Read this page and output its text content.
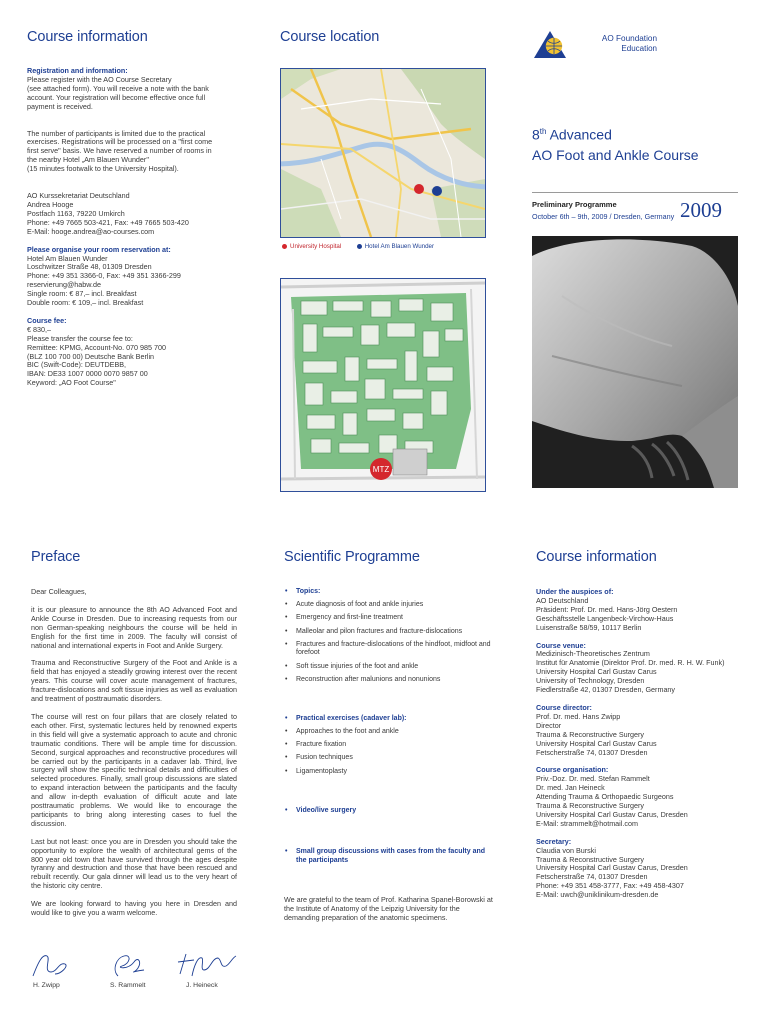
Course information
Registration and information:
Please register with the AO Course Secretary
(see attached form). You will receive a note with the bank
account. Your registration will become effective once full
payment is received.
The number of participants is limited due to the practical
exercises. Registrations will be processed on a "first come
first serve" basis. We have reserved a number of rooms in
the nearby Hotel „Am Blauen Wunder"
(15 minutes footwalk to the University Hospital).
AO Kurssekretariat Deutschland
Andrea Hooge
Postfach 1163, 79220 Umkirch
Phone: +49 7665 503-421, Fax: +49 7665 503-420
E-Mail: hooge.andrea@ao-courses.com
Please organise your room reservation at:
Hotel Am Blauen Wunder
Loschwitzer Straße 48, 01309 Dresden
Phone: +49 351 3366-0, Fax: +49 351 3366-299
reservierung@habw.de
Single room: € 87,– incl. Breakfast
Double room: € 109,– incl. Breakfast
Course fee:
€ 830,–
Please transfer the course fee to:
Remittee: KPMG, Account-No. 070 985 700
(BLZ 100 700 00) Deutsche Bank Berlin
BIC (Swift-Code): DEUTDEBB,
IBAN: DE33 1007 0000 0070 9857 00
Keyword: „AO Foot Course"
Course location
University Hospital	Hotel Am Blauen Wunder
MTZ
AO Foundation
Education
8th Advanced
AO Foot and Ankle Course
Preliminary Programme
October 6th – 9th, 2009 / Dresden, Germany 2009
Preface

Dear Colleagues,

it is our pleasure to announce the 8th AO Advanced Foot and Ankle Course in Dresden. Due to increasing requests from our non German-speaking neighbours the course will be held in English for the first time in 2009. The faculty will consist of national and international experts in Foot and Ankle Surgery.

Trauma and Reconstructive Surgery of the Foot and Ankle is a field that has enjoyed a steadily growing interest over the recent years. This course will cover acute management of fractures, fracture-dislocations and soft tissue injuries as well as evaluation and treatment of posttraumatic disorders.

The course will rest on four pillars that are closely related to each other. First, systematic lectures held by renowned experts in this field will give a systematic approach to acute and chronic traumatic conditions. There will be ample time for discussion. Second, surgical approaches and reconstructive procedures will be carried out by the participants in a cadaver lab. Third, live surgery will show the specific technical details and difficulties of selected procedures. Finally, small group discussions are slated to expand interaction between the participants and the faculty and allow in-depth evaluation of difficult acute and late posttraumatic problems. We would like to encourage the participants to bring along interesting cases to fuel the discussion.

Last but not least: once you are in Dresden you should take the opportunity to explore the wealth of architectural gems of the 800 year old town that have survived through the ages despite tyranny and destruction and those that have been rescued and rebuilt recently. Our gala dinner will lead us to the very heart of the historic city centre.

We are looking forward to having you here in Dresden and would like to give you a warm welcome.

H. Zwipp	S. Rammelt	J. Heineck
Scientific Programme
• Topics:
• Acute diagnosis of foot and ankle injuries
• Emergency and first-line treatment
• Malleolar and pilon fractures and fracture-dislocations
• Fractures and fracture-dislocations of the hindfoot, midfoot and forefoot
• Soft tissue injuries of the foot and ankle
• Reconstruction after malunions and nonunions
• Practical exercises (cadaver lab):
• Approaches to the foot and ankle
• Fracture fixation
• Fusion techniques
• Ligamentoplasty
• Video/live surgery
• Small group discussions with cases from the faculty and the participants
We are grateful to the team of Prof. Katharina Spanel-Borowski at the Institute of Anatomy of the Leipzig University for the demanding preparation of the anatomic specimens.
Course information
Under the auspices of:
AO Deutschland
Präsident: Prof. Dr. med. Hans-Jörg Oestern
Geschäftsstelle Langenbeck-Virchow-Haus
Luisenstraße 58/59, 10117 Berlin
Course venue:
Medizinisch-Theoretisches Zentrum
Institut für Anatomie (Direktor Prof. Dr. med. R. H. W. Funk)
University Hospital Carl Gustav Carus
University of Technology, Dresden
Fiedlerstraße 42, 01307 Dresden, Germany
Course director:
Prof. Dr. med. Hans Zwipp
Director
Trauma & Reconstructive Surgery
University Hospital Carl Gustav Carus
Fetscherstraße 74, 01307 Dresden
Course organisation:
Priv.-Doz. Dr. med. Stefan Rammelt
Dr. med. Jan Heineck
Attending Trauma & Orthopaedic Surgeons
Trauma & Reconstructive Surgery
University Hospital Carl Gustav Carus, Dresden
E-Mail: strammelt@hotmail.com
Secretary:
Claudia von Burski
Trauma & Reconstructive Surgery
University Hospital Carl Gustav Carus, Dresden
Fetscherstraße 74, 01307 Dresden
Phone: +49 351 458-3777, Fax: +49 458-4307
E-Mail: uwch@uniklinikum-dresden.de
